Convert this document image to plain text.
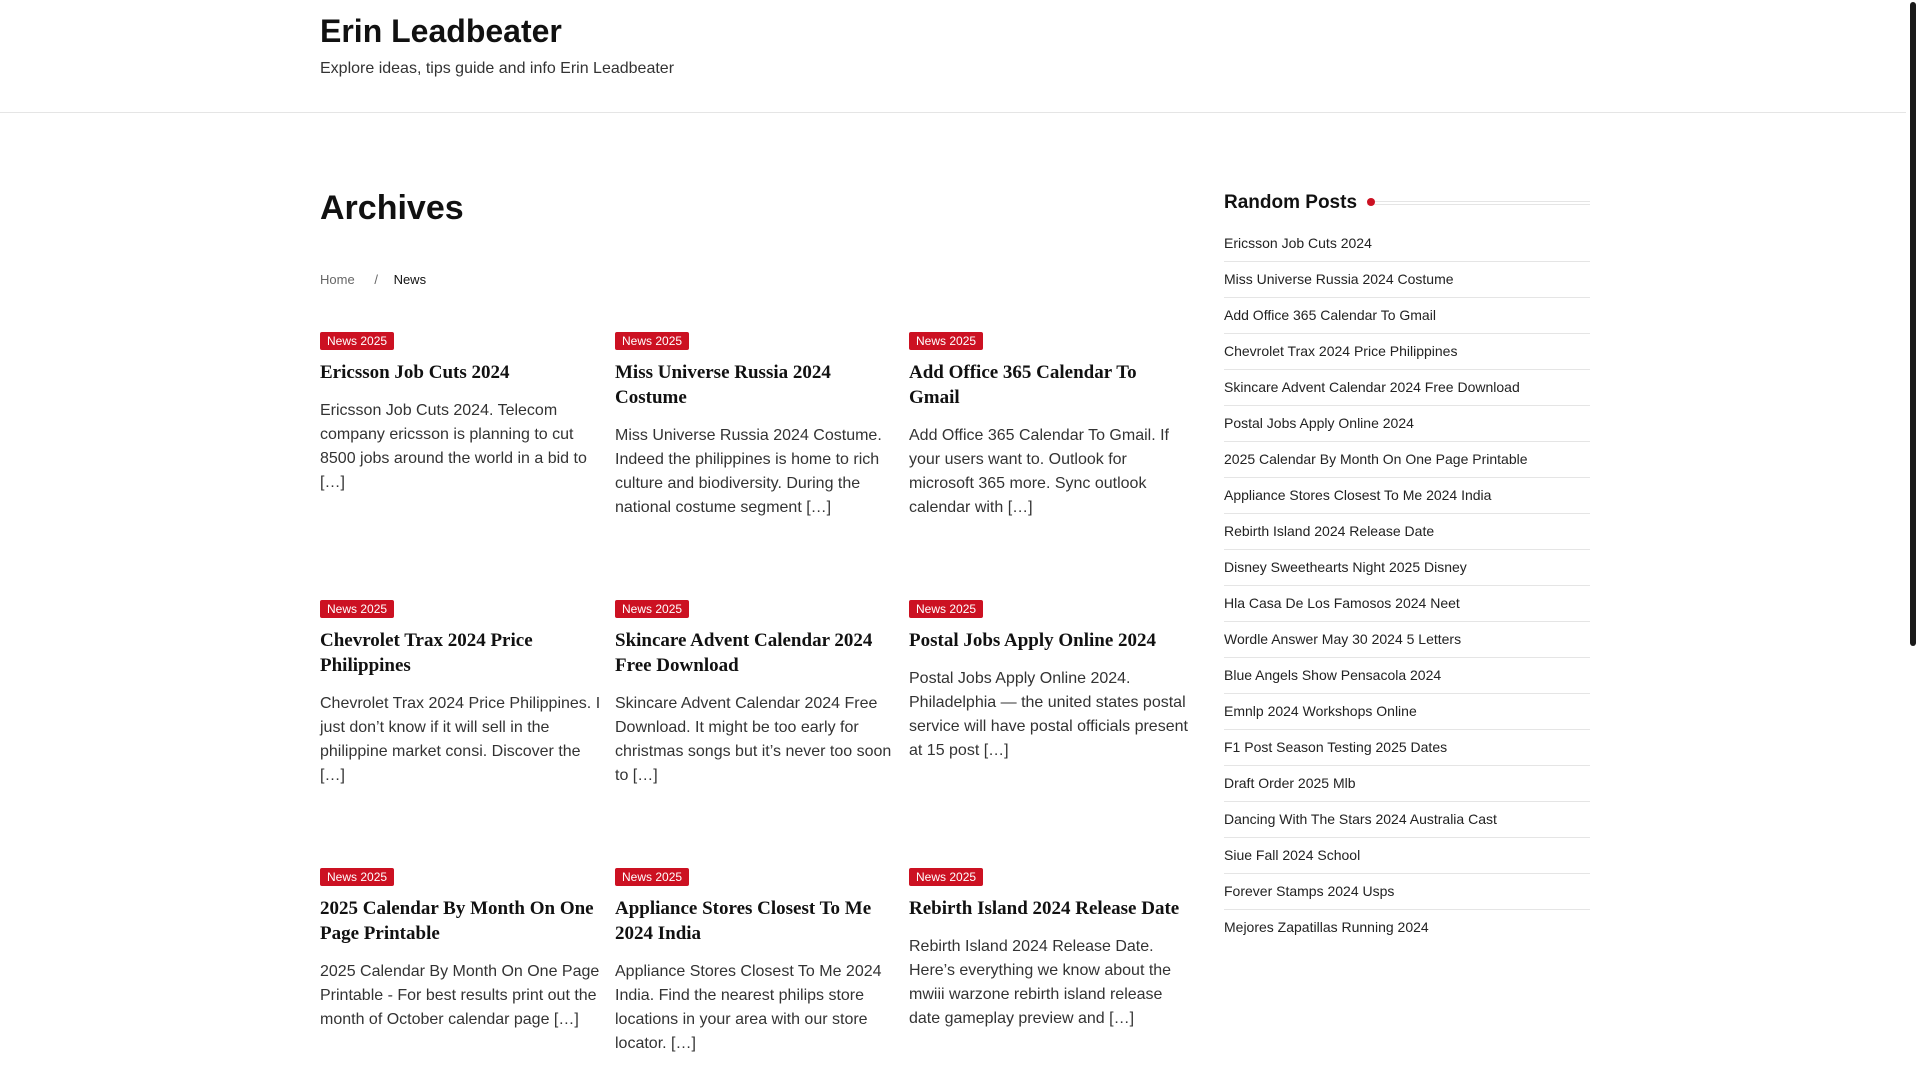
Erin Leadbeater
Explore ideas, tips guide and info Erin Leadbeater
Archives
Home / News
News 2025
Ericsson Job Cuts 2024

Ericsson Job Cuts 2024. Telecom company ericsson is planning to cut 8500 jobs around the world in a bid to […]

News 2025
Miss Universe Russia 2024 Costume

Miss Universe Russia 2024 Costume. Indeed the philippines is home to rich culture and biodiversity. During the national costume segment […]

News 2025
Add Office 365 Calendar To Gmail

Add Office 365 Calendar To Gmail. If your users want to. Outlook for microsoft 365 more. Sync outlook calendar with […]

News 2025
Chevrolet Trax 2024 Price Philippines

Chevrolet Trax 2024 Price Philippines. I just don’t know if it will sell in the philippine market consi. Discover the […]

News 2025
Skincare Advent Calendar 2024 Free Download

Skincare Advent Calendar 2024 Free Download. It might be too early for christmas songs but it’s never too soon to […]

News 2025
Postal Jobs Apply Online 2024

Postal Jobs Apply Online 2024. Philadelphia — the united states postal service will have postal officials present at 15 post […]

News 2025
2025 Calendar By Month On One Page Printable

2025 Calendar By Month On One Page Printable - For best results print out the month of October calendar page […]

News 2025
Appliance Stores Closest To Me 2024 India

Appliance Stores Closest To Me 2024 India. Find the nearest philips store locations in your area with our store locator. […]

News 2025
Rebirth Island 2024 Release Date

Rebirth Island 2024 Release Date. Here’s everything we know about the mwiii warzone rebirth island release date gameplay preview and […]

Random Posts
Ericsson Job Cuts 2024
Miss Universe Russia 2024 Costume
Add Office 365 Calendar To Gmail
Chevrolet Trax 2024 Price Philippines
Skincare Advent Calendar 2024 Free Download
Postal Jobs Apply Online 2024
2025 Calendar By Month On One Page Printable
Appliance Stores Closest To Me 2024 India
Rebirth Island 2024 Release Date
Disney Sweethearts Night 2025 Disney
Hla Casa De Los Famosos 2024 Neet
Wordle Answer May 30 2024 5 Letters
Blue Angels Show Pensacola 2024
Emnlp 2024 Workshops Online
F1 Post Season Testing 2025 Dates
Draft Order 2025 Mlb
Dancing With The Stars 2024 Australia Cast
Siue Fall 2024 School
Forever Stamps 2024 Usps
Mejores Zapatillas Running 2024
